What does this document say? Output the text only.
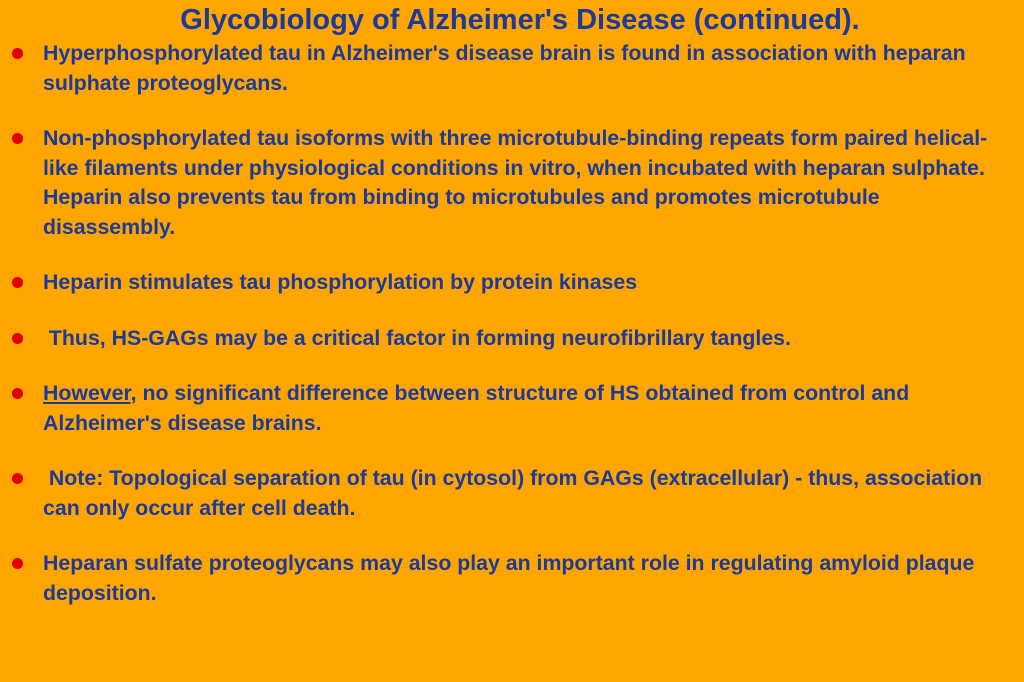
Glycobiology of Alzheimer's Disease (continued).
Hyperphosphorylated tau in Alzheimer's disease brain is found in association with heparan sulphate proteoglycans.
Non-phosphorylated tau isoforms with three microtubule-binding repeats form paired helical-like filaments under physiological conditions in vitro, when incubated with heparan sulphate.  Heparin also prevents tau from binding to microtubules and promotes microtubule disassembly.
Heparin stimulates tau phosphorylation by protein kinases
Thus, HS-GAGs may be a critical factor in forming neurofibrillary tangles.
However, no significant difference between structure of HS obtained from control and Alzheimer's disease brains.
Note: Topological separation of tau (in cytosol) from GAGs (extracellular) - thus, association can only occur after cell death.
Heparan sulfate proteoglycans may also play an important role in regulating amyloid plaque deposition.
